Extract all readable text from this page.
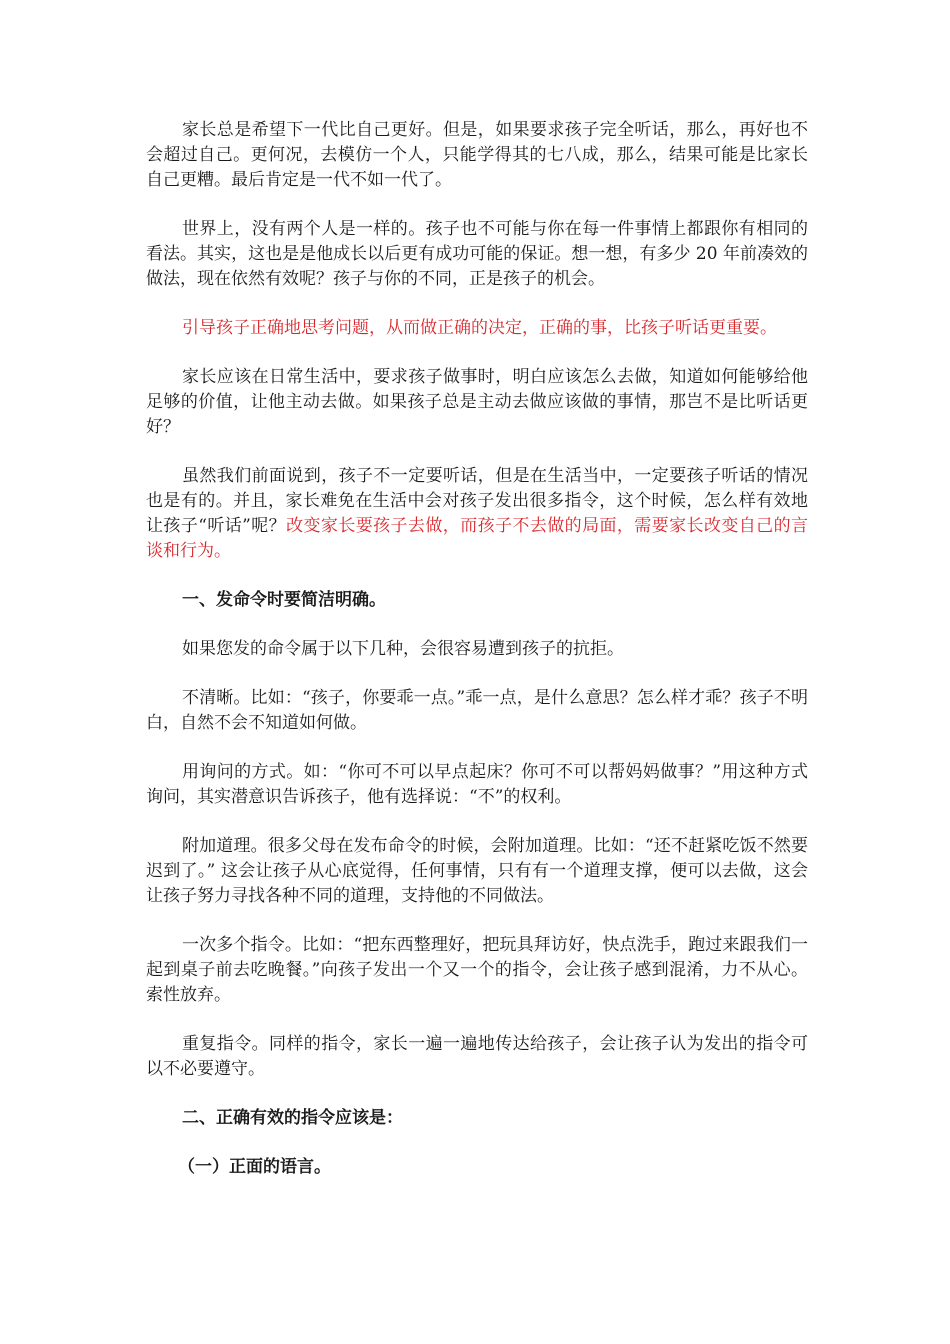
家长总是希望下一代比自己更好。但是，如果要求孩子完全听话，那么，再好也不会超过自己。更何况，去模仿一个人，只能学得其的七八成，那么，结果可能是比家长自己更糟。最后肯定是一代不如一代了。

世界上，没有两个人是一样的。孩子也不可能与你在每一件事情上都跟你有相同的看法。其实，这也是是他成长以后更有成功可能的保证。想一想，有多少 20 年前凑效的做法，现在依然有效呢？孩子与你的不同，正是孩子的机会。

引导孩子正确地思考问题，从而做正确的决定，正确的事，比孩子听话更重要。

家长应该在日常生活中，要求孩子做事时，明白应该怎么去做，知道如何能够给他足够的价值，让他主动去做。如果孩子总是主动去做应该做的事情，那岂不是比听话更好？

虽然我们前面说到，孩子不一定要听话，但是在生活当中，一定要孩子听话的情况也是有的。并且，家长难免在生活中会对孩子发出很多指令，这个时候，怎么样有效地让孩子“听话”呢？改变家长要孩子去做，而孩子不去做的局面，需要家长改变自己的言谈和行为。

一、发命令时要简洁明确。

如果您发的命令属于以下几种，会很容易遭到孩子的抗拒。

不清晰。比如：“孩子，你要乖一点。”乖一点，是什么意思？怎么样才乖？孩子不明白，自然不会不知道如何做。

用询问的方式。如：“你可不可以早点起床？你可不可以帮妈妈做事？”用这种方式询问，其实潜意识告诉孩子，他有选择说：“不”的权利。

附加道理。很多父母在发布命令的时候，会附加道理。比如：“还不赶紧吃饭不然要迟到了。” 这会让孩子从心底觉得，任何事情，只有有一个道理支撑，便可以去做，这会让孩子努力寻找各种不同的道理，支持他的不同做法。

一次多个指令。比如：“把东西整理好，把玩具拜访好，快点洗手，跑过来跟我们一起到桌子前去吃晚餐。”向孩子发出一个又一个的指令，会让孩子感到混淆，力不从心。索性放弃。

重复指令。同样的指令，家长一遍一遍地传达给孩子，会让孩子认为发出的指令可以不必要遵守。

二、正确有效的指令应该是：

（一）正面的语言。
